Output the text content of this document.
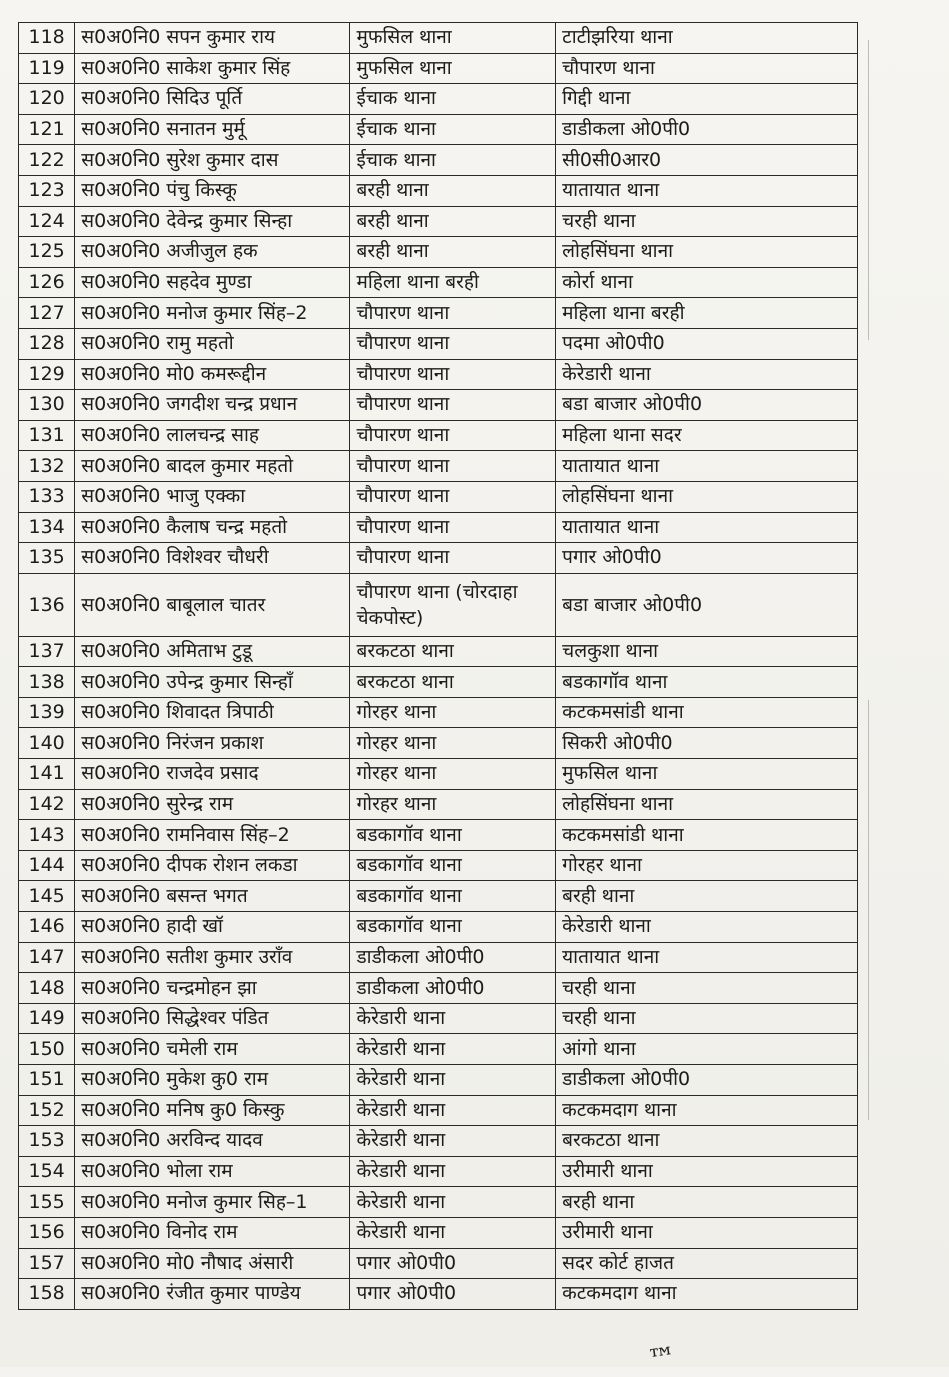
118	स0अ0नि0 सपन कुमार राय	मुफसिल थाना	टाटीझरिया थाना
119	स0अ0नि0 साकेश कुमार सिंह	मुफसिल थाना	चौपारण थाना
120	स0अ0नि0 सिदिउ पूर्ति	ईचाक थाना	गिद्दी थाना
121	स0अ0नि0 सनातन मुर्मू	ईचाक थाना	डाडीकला ओ0पी0
122	स0अ0नि0 सुरेश कुमार दास	ईचाक थाना	सी0सी0आर0
123	स0अ0नि0 पंचु किस्कू	बरही थाना	यातायात थाना
124	स0अ0नि0 देवेन्द्र कुमार सिन्हा	बरही थाना	चरही थाना
125	स0अ0नि0 अजीजुल हक	बरही थाना	लोहसिंघना थाना
126	स0अ0नि0 सहदेव मुण्डा	महिला थाना बरही	कोर्रा थाना
127	स0अ0नि0 मनोज कुमार सिंह–2	चौपारण थाना	महिला थाना बरही
128	स0अ0नि0 रामु महतो	चौपारण थाना	पदमा ओ0पी0
129	स0अ0नि0 मो0 कमरूद्दीन	चौपारण थाना	केरेडारी थाना
130	स0अ0नि0 जगदीश चन्द्र प्रधान	चौपारण थाना	बडा बाजार ओ0पी0
131	स0अ0नि0 लालचन्द्र साह	चौपारण थाना	महिला थाना सदर
132	स0अ0नि0 बादल कुमार महतो	चौपारण थाना	यातायात थाना
133	स0अ0नि0 भाजु एक्का	चौपारण थाना	लोहसिंघना थाना
134	स0अ0नि0 कैलाष चन्द्र महतो	चौपारण थाना	यातायात थाना
135	स0अ0नि0 विशेश्वर चौधरी	चौपारण थाना	पगार ओ0पी0
136	स0अ0नि0 बाबूलाल चातर	चौपारण थाना (चोरदाहा चेकपोस्ट)	बडा बाजार ओ0पी0
137	स0अ0नि0 अमिताभ टुडू	बरकटठा थाना	चलकुशा थाना
138	स0अ0नि0 उपेन्द्र कुमार सिन्हाँ	बरकटठा थाना	बडकागॉव थाना
139	स0अ0नि0 शिवादत त्रिपाठी	गोरहर थाना	कटकमसांडी थाना
140	स0अ0नि0 निरंजन प्रकाश	गोरहर थाना	सिकरी ओ0पी0
141	स0अ0नि0 राजदेव प्रसाद	गोरहर थाना	मुफसिल थाना
142	स0अ0नि0 सुरेन्द्र राम	गोरहर थाना	लोहसिंघना थाना
143	स0अ0नि0 रामनिवास सिंह–2	बडकागॉव थाना	कटकमसांडी थाना
144	स0अ0नि0 दीपक रोशन लकडा	बडकागॉव थाना	गोरहर थाना
145	स0अ0नि0 बसन्त भगत	बडकागॉव थाना	बरही थाना
146	स0अ0नि0 हादी खॉ	बडकागॉव थाना	केरेडारी थाना
147	स0अ0नि0 सतीश कुमार उराँव	डाडीकला ओ0पी0	यातायात थाना
148	स0अ0नि0 चन्द्रमोहन झा	डाडीकला ओ0पी0	चरही थाना
149	स0अ0नि0 सिद्धेश्वर पंडित	केरेडारी थाना	चरही थाना
150	स0अ0नि0 चमेली राम	केरेडारी थाना	आंगो थाना
151	स0अ0नि0 मुकेश कु0 राम	केरेडारी थाना	डाडीकला ओ0पी0
152	स0अ0नि0 मनिष कु0 किस्कु	केरेडारी थाना	कटकमदाग थाना
153	स0अ0नि0 अरविन्द यादव	केरेडारी थाना	बरकटठा थाना
154	स0अ0नि0 भोला राम	केरेडारी थाना	उरीमारी थाना
155	स0अ0नि0 मनोज कुमार सिह–1	केरेडारी थाना	बरही थाना
156	स0अ0नि0 विनोद राम	केरेडारी थाना	उरीमारी थाना
157	स0अ0नि0 मो0 नौषाद अंसारी	पगार ओ0पी0	सदर कोर्ट हाजत
158	स0अ0नि0 रंजीत कुमार पाण्डेय	पगार ओ0पी0	कटकमदाग थाना
™
